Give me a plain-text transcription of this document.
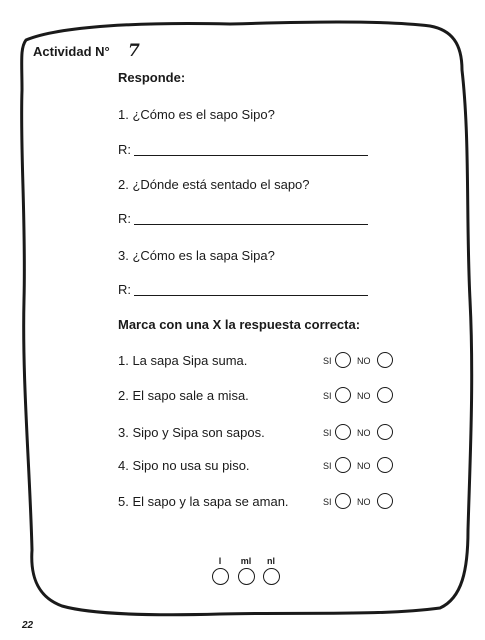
Actividad N° 7
Responde:
1. ¿Cómo es el sapo Sipo?
R:
2. ¿Dónde está sentado el sapo?
R:
3. ¿Cómo es la sapa Sipa?
R:
Marca con una X la respuesta correcta:
1. La sapa Sipa suma.	SI	NO
2. El sapo sale a misa.	SI	NO
3. Sipo y Sipa son sapos.	SI	NO
4. Sipo no usa su piso.	SI	NO
5. El sapo y la sapa se aman.	SI	NO
l	ml	nl
22
